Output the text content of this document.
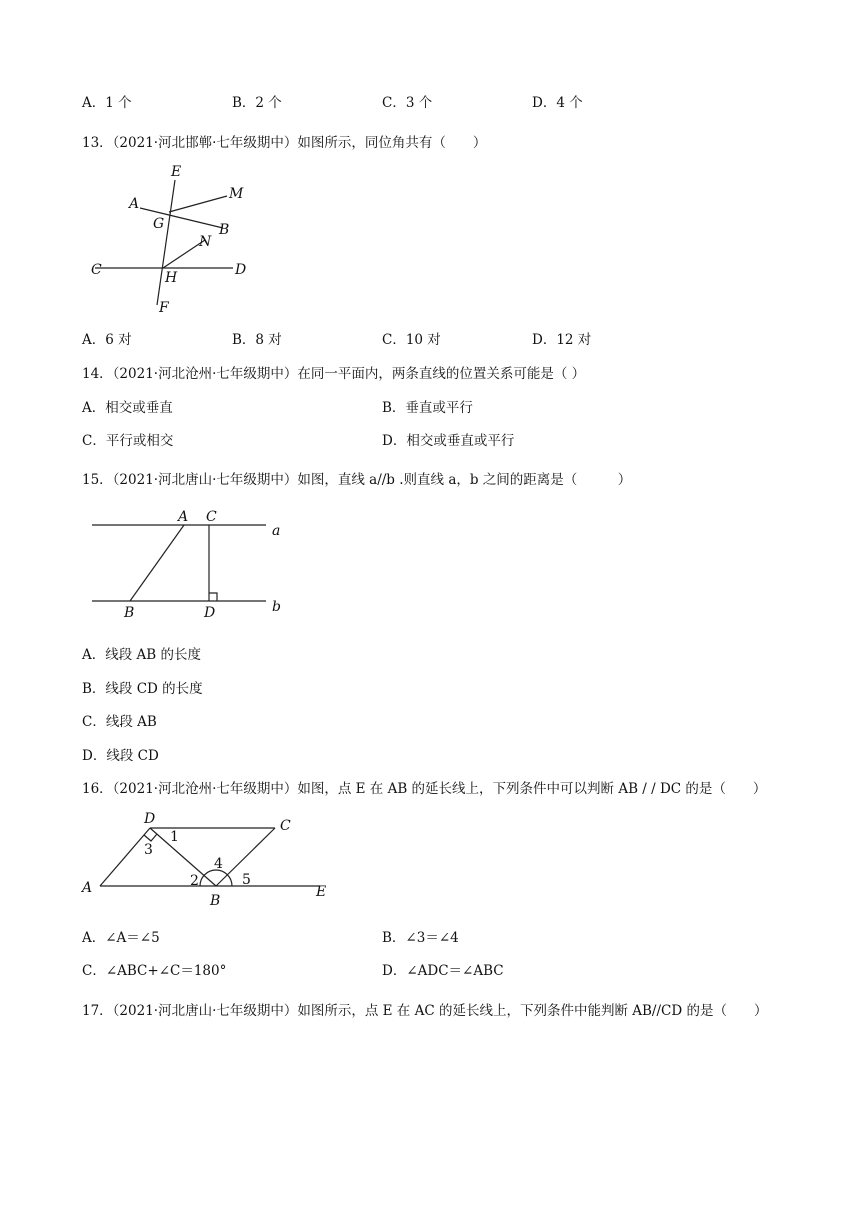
A．1 个	B．2 个	C．3 个	D．4 个
13．（2021·河北邯郸·七年级期中）如图所示，同位角共有（　　）
E
M
A
G	B
N
C	H	D
F
A．6 对	B．8 对	C．10 对	D．12 对
14．（2021·河北沧州·七年级期中）在同一平面内，两条直线的位置关系可能是（ ）
A．相交或垂直	B．垂直或平行
C．平行或相交	D．相交或垂直或平行
15．（2021·河北唐山·七年级期中）如图，直线 a//b .则直线 a，b 之间的距离是（　　　）
A C
a
B	D	b
A．线段 AB 的长度
B．线段 CD 的长度
C．线段 AB
D．线段 CD
16．（2021·河北沧州·七年级期中）如图，点 E 在 AB 的延长线上，下列条件中可以判断 AB / / DC 的是（　　）
D	C
1
3
4
2	5
A
B
E
A．∠A＝∠5	B．∠3＝∠4
C．∠ABC+∠C＝180°	D．∠ADC＝∠ABC
17．（2021·河北唐山·七年级期中）如图所示，点 E 在 AC 的延长线上，下列条件中能判断 AB//CD 的是（　　）
